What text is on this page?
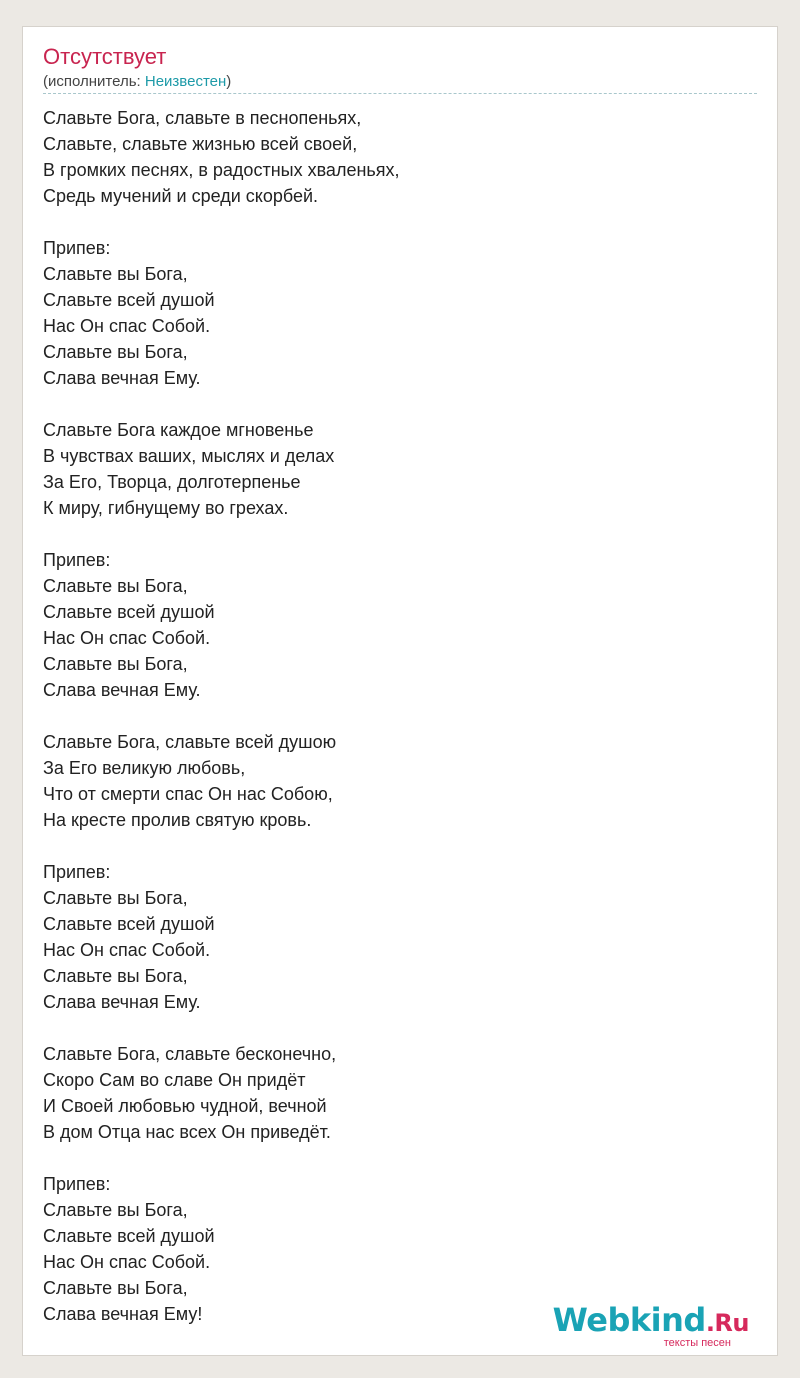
Отсутствует
(исполнитель: Неизвестен)
Славьте Бога, славьте в песнопеньях,
Славьте, славьте жизнью всей своей,
В громких песнях, в радостных хваленьях,
Средь мучений и среди скорбей.
Припев:
Славьте вы Бога,
Славьте всей душой
Нас Он спас Собой.
Славьте вы Бога,
Слава вечная Ему.
Славьте Бога каждое мгновенье
В чувствах ваших, мыслях и делах
За Его, Творца, долготерпенье
К миру, гибнущему во грехах.
Припев:
Славьте вы Бога,
Славьте всей душой
Нас Он спас Собой.
Славьте вы Бога,
Слава вечная Ему.
Славьте Бога, славьте всей душою
За Его великую любовь,
Что от смерти спас Он нас Собою,
На кресте пролив святую кровь.
Припев:
Славьте вы Бога,
Славьте всей душой
Нас Он спас Собой.
Славьте вы Бога,
Слава вечная Ему.
Славьте Бога, славьте бесконечно,
Скоро Сам во славе Он придёт
И Своей любовью чудной, вечной
В дом Отца нас всех Он приведёт.
Припев:
Славьте вы Бога,
Славьте всей душой
Нас Он спас Собой.
Славьте вы Бога,
Слава вечная Ему!	Webkind.Ru
тексты песен
